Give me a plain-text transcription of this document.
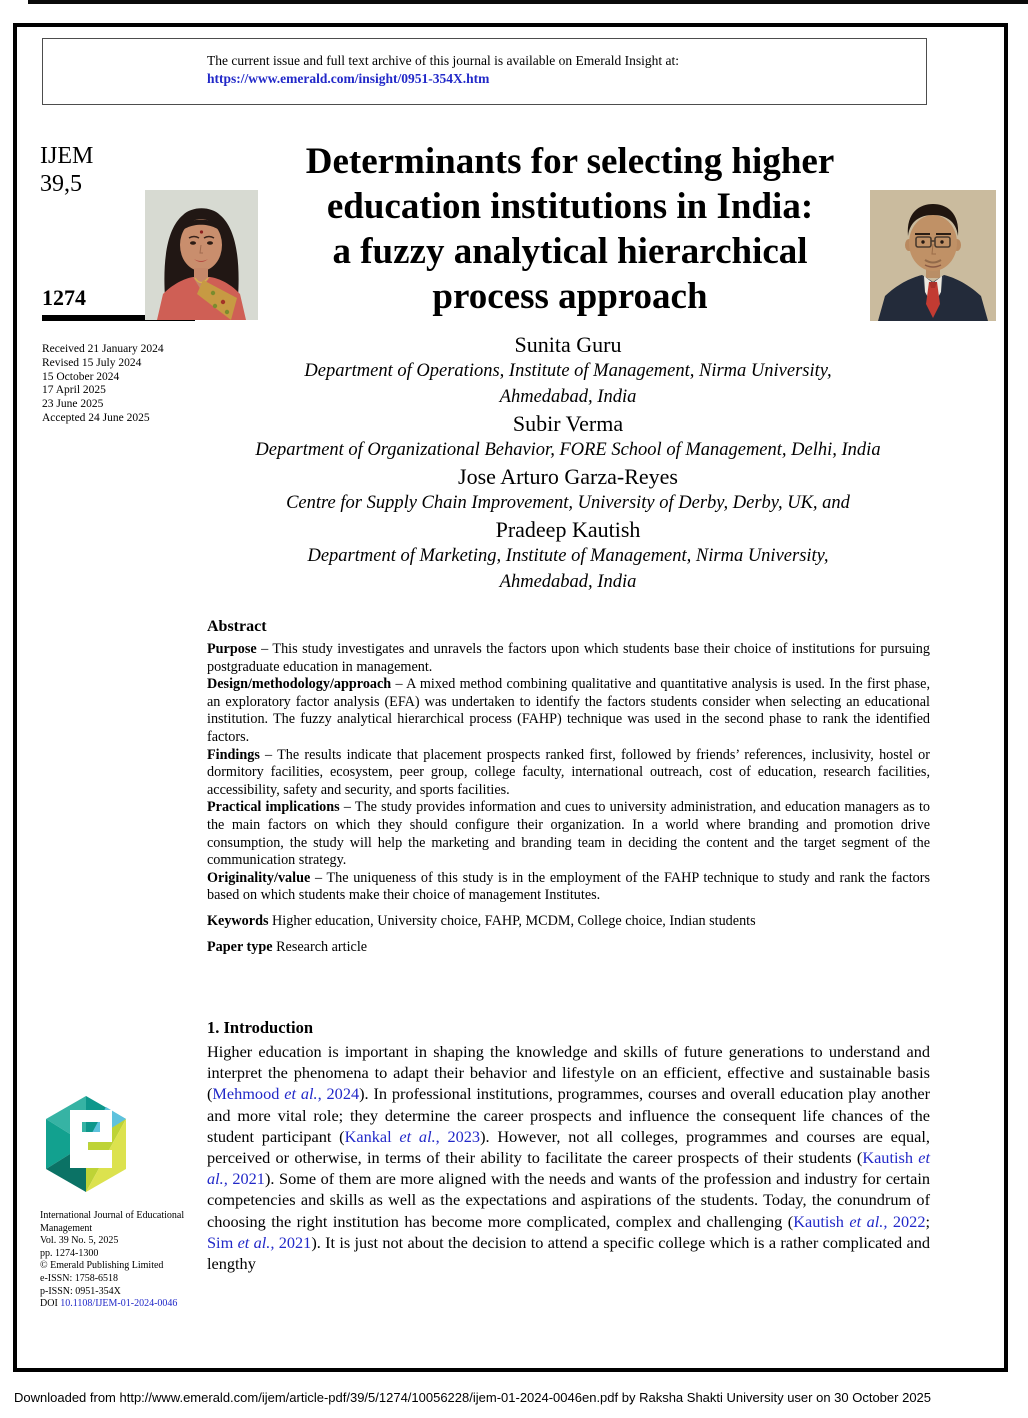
The current issue and full text archive of this journal is available on Emerald Insight at:
https://www.emerald.com/insight/0951-354X.htm
IJEM
39,5
1274
Received 21 January 2024
Revised 15 July 2024
15 October 2024
17 April 2025
23 June 2025
Accepted 24 June 2025
Determinants for selecting higher
education institutions in India:
a fuzzy analytical hierarchical
process approach
Sunita Guru
Department of Operations, Institute of Management, Nirma University,
Ahmedabad, India
Subir Verma
Department of Organizational Behavior, FORE School of Management, Delhi, India
Jose Arturo Garza-Reyes
Centre for Supply Chain Improvement, University of Derby, Derby, UK, and
Pradeep Kautish
Department of Marketing, Institute of Management, Nirma University,
Ahmedabad, India
Abstract

Purpose – This study investigates and unravels the factors upon which students base their choice of institutions for pursuing postgraduate education in management.

Design/methodology/approach – A mixed method combining qualitative and quantitative analysis is used. In the first phase, an exploratory factor analysis (EFA) was undertaken to identify the factors students consider when selecting an educational institution. The fuzzy analytical hierarchical process (FAHP) technique was used in the second phase to rank the identified factors.

Findings – The results indicate that placement prospects ranked first, followed by friends’ references, inclusivity, hostel or dormitory facilities, ecosystem, peer group, college faculty, international outreach, cost of education, research facilities, accessibility, safety and security, and sports facilities.

Practical implications – The study provides information and cues to university administration, and education managers as to the main factors on which they should configure their organization. In a world where branding and promotion drive consumption, the study will help the marketing and branding team in deciding the content and the target segment of the communication strategy.

Originality/value – The uniqueness of this study is in the employment of the FAHP technique to study and rank the factors based on which students make their choice of management Institutes.

Keywords Higher education, University choice, FAHP, MCDM, College choice, Indian students

Paper type Research article

1. Introduction
Higher education is important in shaping the knowledge and skills of future generations to understand and interpret the phenomena to adapt their behavior and lifestyle on an efficient, effective and sustainable basis (Mehmood et al., 2024). In professional institutions, programmes, courses and overall education play another and more vital role; they determine the career prospects and influence the consequent life chances of the student participant (Kankal et al., 2023). However, not all colleges, programmes and courses are equal, perceived or otherwise, in terms of their ability to facilitate the career prospects of their students (Kautish et al., 2021). Some of them are more aligned with the needs and wants of the profession and industry for certain competencies and skills as well as the expectations and aspirations of the students. Today, the conundrum of choosing the right institution has become more complicated, complex and challenging (Kautish et al., 2022; Sim et al., 2021). It is just not about the decision to attend a specific college which is a rather complicated and lengthy
International Journal of Educational
Management
Vol. 39 No. 5, 2025
pp. 1274-1300
© Emerald Publishing Limited
e-ISSN: 1758-6518
p-ISSN: 0951-354X
DOI 10.1108/IJEM-01-2024-0046
Downloaded from http://www.emerald.com/ijem/article-pdf/39/5/1274/10056228/ijem-01-2024-0046en.pdf by Raksha Shakti University user on 30 October 2025
